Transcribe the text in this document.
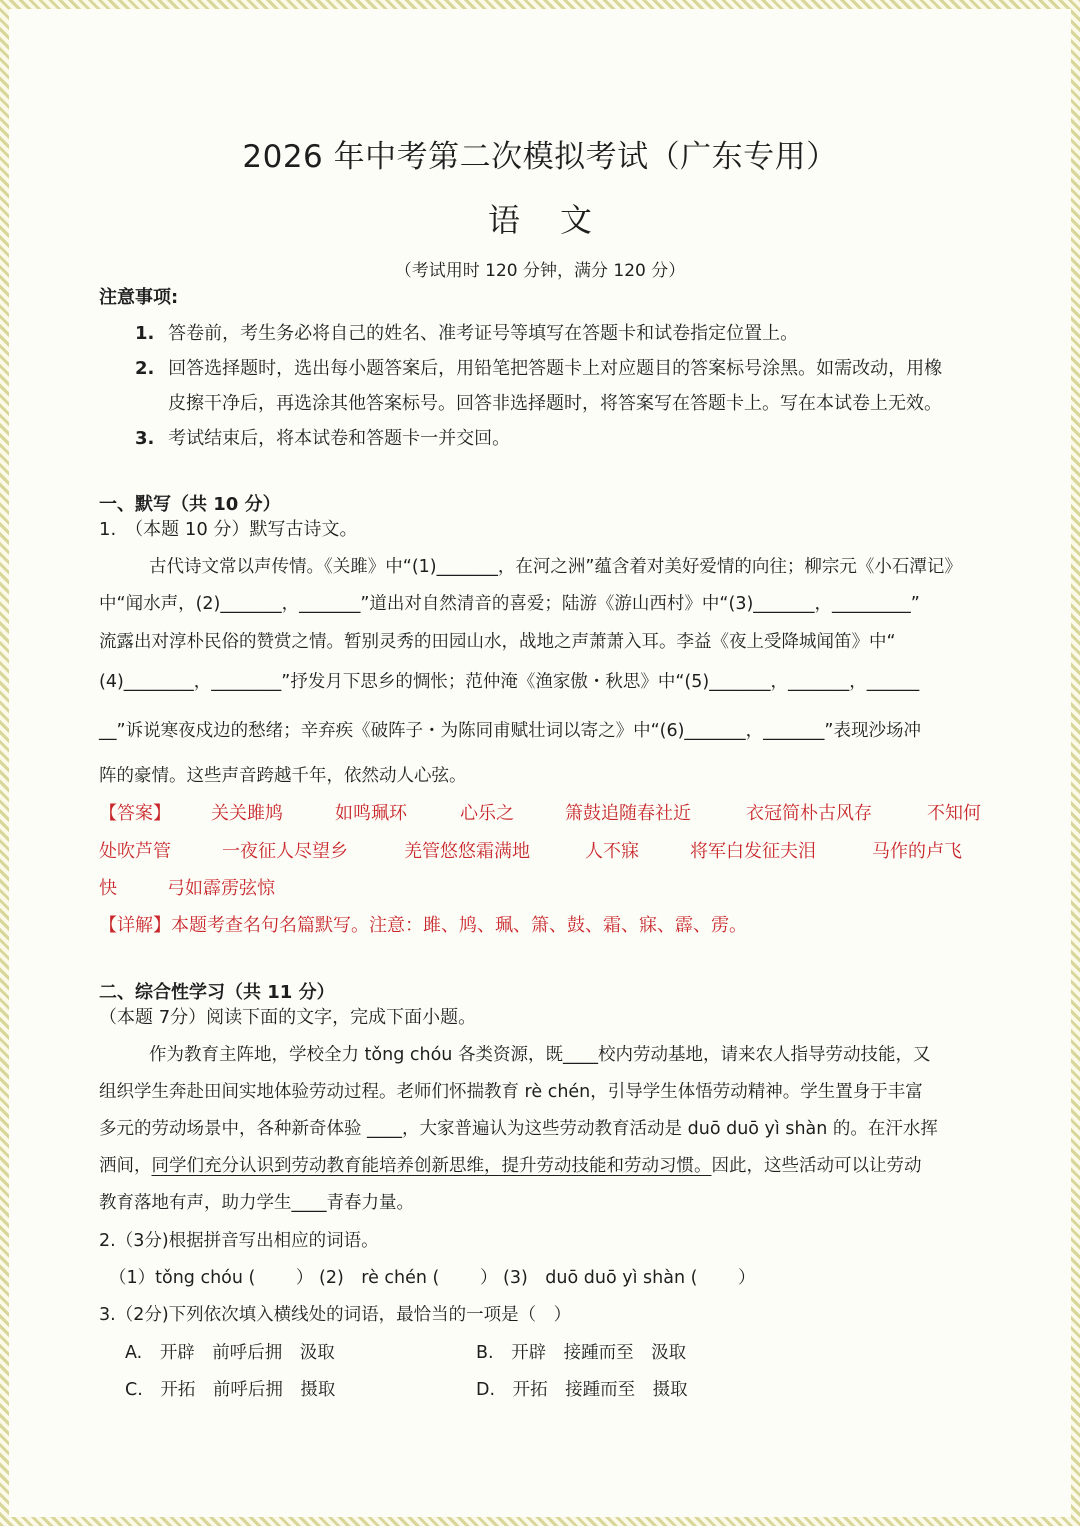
2026 年中考第二次模拟考试（广东专用）
语文
（考试用时 120 分钟，满分 120 分）
注意事项:
1. 答卷前，考生务必将自己的姓名、准考证号等填写在答题卡和试卷指定位置上。
2. 回答选择题时，选出每小题答案后，用铅笔把答题卡上对应题目的答案标号涂黑。如需改动，用橡
皮擦干净后，再选涂其他答案标号。回答非选择题时，将答案写在答题卡上。写在本试卷上无效。
3. 考试结束后，将本试卷和答题卡一并交回。
一、默写（共 10 分）
1.　（本题 10 分）默写古诗文。
古代诗文常以声传情。《关雎》中“(1)_______，在河之洲”蕴含着对美好爱情的向往；柳宗元《小石潭记》
中“闻水声，(2)_______，_______”道出对自然清音的喜爱；陆游《游山西村》中“(3)_______，_________”
流露出对淳朴民俗的赞赏之情。暂别灵秀的田园山水，战地之声萧萧入耳。李益《夜上受降城闻笛》中“
(4)________，________”抒发月下思乡的惆怅；范仲淹《渔家傲・秋思》中“(5)_______，_______，______
__”诉说寒夜戍边的愁绪；辛弃疾《破阵子・为陈同甫赋壮词以寄之》中“(6)_______，_______”表现沙场冲
阵的豪情。这些声音跨越千年，依然动人心弦。
【答案】 关关雎鸠	如鸣珮环	心乐之	箫鼓追随春社近	衣冠简朴古风存	不知何
处吹芦管	一夜征人尽望乡	羌管悠悠霜满地	人不寐	将军白发征夫泪	马作的卢飞
快	弓如霹雳弦惊
【详解】本题考查名句名篇默写。注意：雎、鸠、珮、箫、鼓、霜、寐、霹、雳。
二、综合性学习（共 11 分）
（本题 7分）阅读下面的文字，完成下面小题。
作为教育主阵地，学校全力 tǒng chóu 各类资源，既____校内劳动基地，请来农人指导劳动技能，又
组织学生奔赴田间实地体验劳动过程。老师们怀揣教育 rè chén，引导学生体悟劳动精神。学生置身于丰富
多元的劳动场景中，各种新奇体验 ____，大家普遍认为这些劳动教育活动是 duō duō yì shàn 的。在汗水挥
洒间，同学们充分认识到劳动教育能培养创新思维，提升劳动技能和劳动习惯。因此，这些活动可以让劳动
教育落地有声，助力学生____青春力量。
2.（3分)根据拼音写出相应的词语。
（1）tǒng chóu (　　 ） (2)　rè chén (　　 ） (3)　duō duō yì shàn (　　 ）
3.（2分)下列依次填入横线处的词语，最恰当的一项是（　）
A. 开辟　前呼后拥　汲取	B. 开辟　接踵而至　汲取
C. 开拓　前呼后拥　摄取	D. 开拓　接踵而至　摄取
